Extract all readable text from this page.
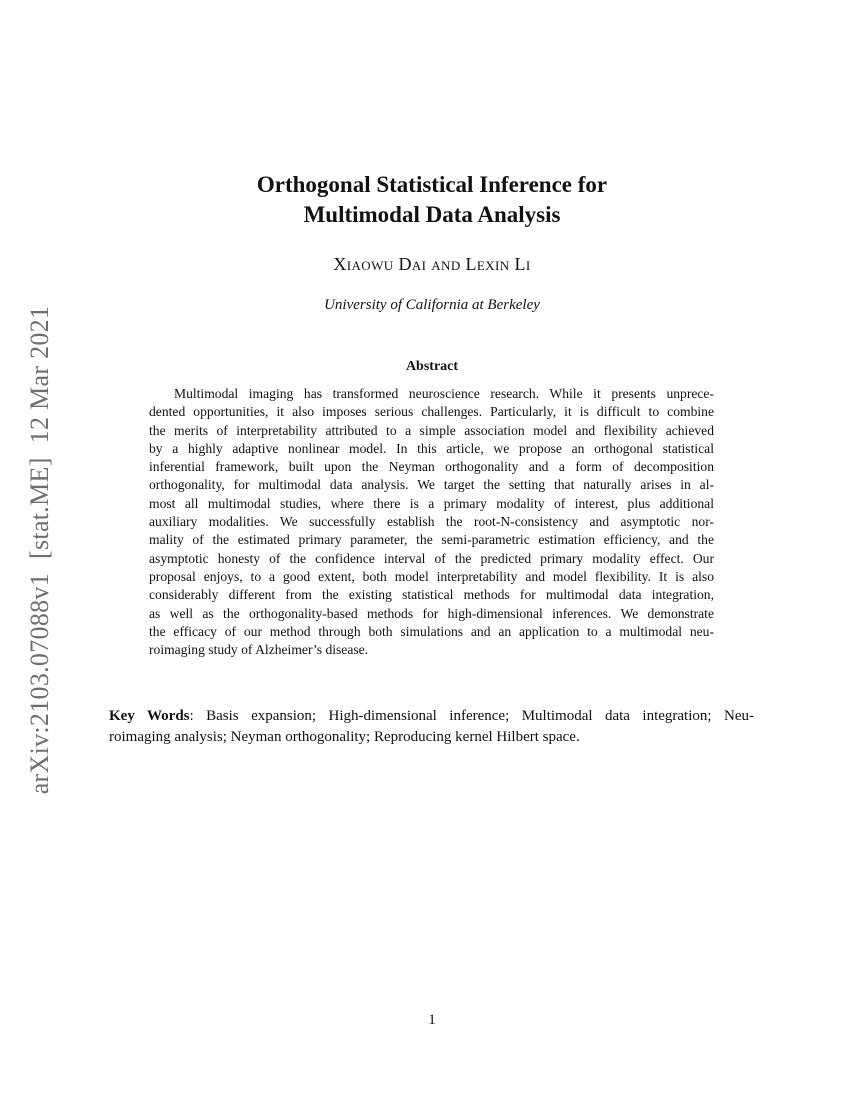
arXiv:2103.07088v1[stat.ME]12 Mar 2021
Orthogonal Statistical Inference for
Multimodal Data Analysis
Xiaowu Dai and Lexin Li
University of California at Berkeley
Abstract
Multimodal imaging has transformed neuroscience research. While it presents unprece-
dented opportunities, it also imposes serious challenges. Particularly, it is difficult to combine
the merits of interpretability attributed to a simple association model and flexibility achieved
by a highly adaptive nonlinear model. In this article, we propose an orthogonal statistical
inferential framework, built upon the Neyman orthogonality and a form of decomposition
orthogonality, for multimodal data analysis. We target the setting that naturally arises in al-
most all multimodal studies, where there is a primary modality of interest, plus additional
auxiliary modalities. We successfully establish the root-N-consistency and asymptotic nor-
mality of the estimated primary parameter, the semi-parametric estimation efficiency, and the
asymptotic honesty of the confidence interval of the predicted primary modality effect. Our
proposal enjoys, to a good extent, both model interpretability and model flexibility. It is also
considerably different from the existing statistical methods for multimodal data integration,
as well as the orthogonality-based methods for high-dimensional inferences. We demonstrate
the efficacy of our method through both simulations and an application to a multimodal neu-
roimaging study of Alzheimer’s disease.
Key Words: Basis expansion; High-dimensional inference; Multimodal data integration; Neu-
roimaging analysis; Neyman orthogonality; Reproducing kernel Hilbert space.
1
